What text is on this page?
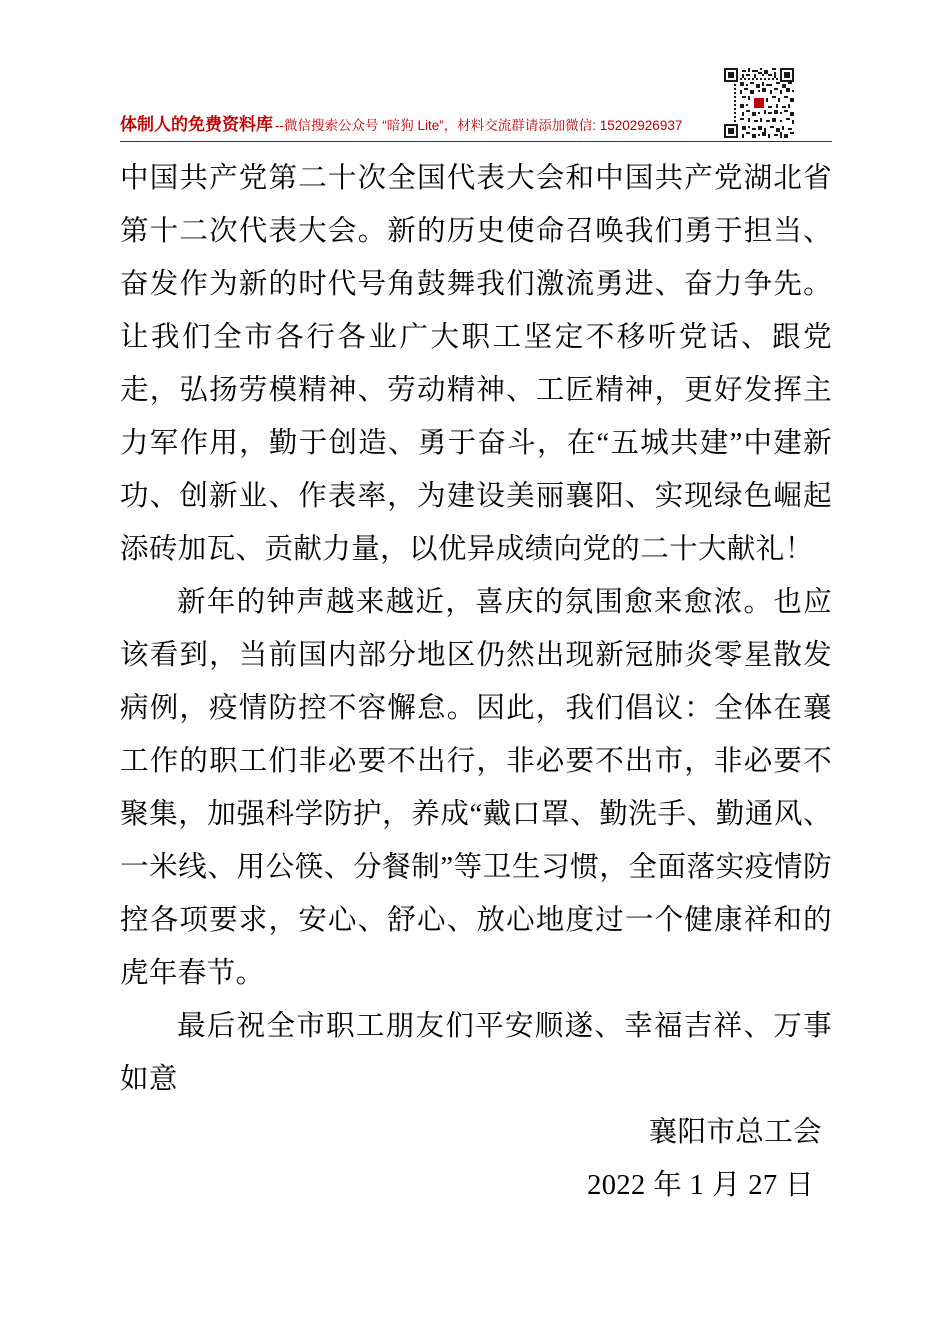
体制人的免费资料库 --微信搜索公众号 “暗狗 Lite”，材料交流群请添加微信: 15202926937

中国共产党第二十次全国代表大会和中国共产党湖北省第十二次代表大会。新的历史使命召唤我们勇于担当、奋发作为新的时代号角鼓舞我们激流勇进、奋力争先。让我们全市各行各业广大职工坚定不移听党话、跟党走，弘扬劳模精神、劳动精神、工匠精神，更好发挥主力军作用，勤于创造、勇于奋斗，在“五城共建”中建新功、创新业、作表率，为建设美丽襄阳、实现绿色崛起添砖加瓦、贡献力量，以优异成绩向党的二十大献礼！

新年的钟声越来越近，喜庆的氛围愈来愈浓。也应该看到，当前国内部分地区仍然出现新冠肺炎零星散发病例，疫情防控不容懈怠。因此，我们倡议：全体在襄工作的职工们非必要不出行，非必要不出市，非必要不聚集，加强科学防护，养成“戴口罩、勤洗手、勤通风、一米线、用公筷、分餐制”等卫生习惯，全面落实疫情防控各项要求，安心、舒心、放心地度过一个健康祥和的虎年春节。

最后祝全市职工朋友们平安顺遂、幸福吉祥、万事如意

襄阳市总工会

2022 年 1 月 27 日
